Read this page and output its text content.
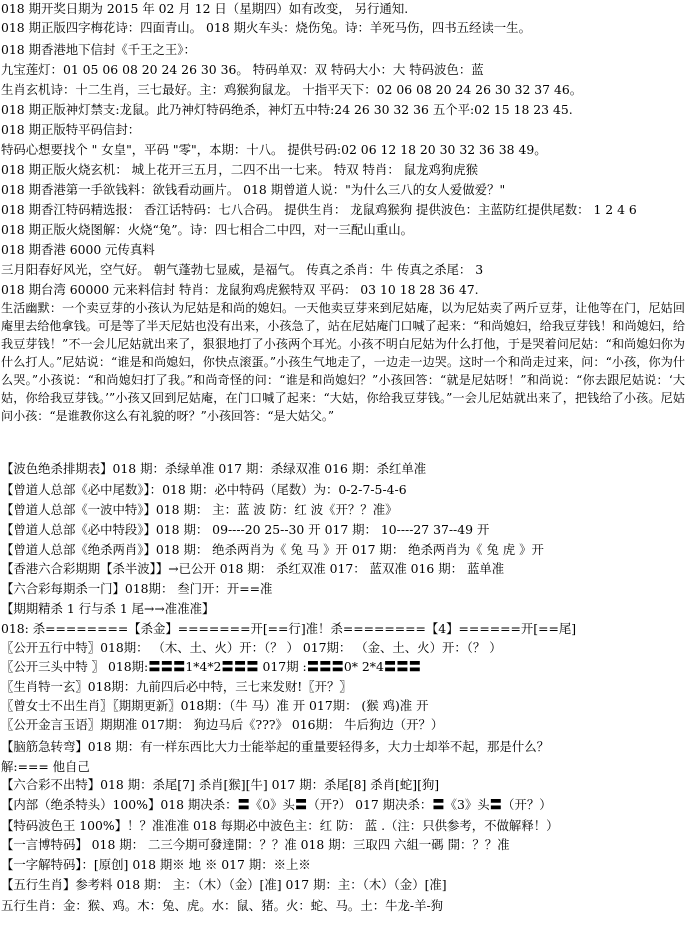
018 期开奖日期为 2015 年 02 月 12 日（星期四）如有改变， 另行通知.
018 期正版四字梅花诗：四面青山。 018 期火车头：烧伤兔。诗：羊死马伤，四书五经读一生。
018 期香港地下信封《千王之王》：
九宝莲灯：01 05 06 08 20 24 26 30 36。 特码单双：双 特码大小：大 特码波色：蓝
生肖玄机诗：十二生肖，三七最好。主：鸡猴狗鼠龙。 十指平天下：02 06 08 20 24 26 30 32 37 46。
018 期正版神灯禁支:龙鼠。此乃神灯特码绝杀，神灯五中特:24 26 30 32 36 五个平:02 15 18 23 45.
018 期正版特平码信封：
特码心想要找个 " 女皇"，平码 "零"，本期：十八。 提供号码:02 06 12 18 20 30 32 36 38 49。
018 期正版火烧玄机： 城上花开三五月，二四不出一七来。 特双 特肖： 鼠龙鸡狗虎猴
018 期香港第一手欲钱料：欲钱看动画片。 018 期曾道人说："为什么三八的女人爱做爱？"
018 期香江特码精选报： 香江话特码：七八合码。 提供生肖： 龙鼠鸡猴狗 提供波色：主蓝防红提供尾数： 1 2 4 6
018 期正版火烧图解：火烧“兔”。诗：四七相合二中四，对一三配山重山。
018 期香港 6000 元传真料
三月阳春好风光，空气好。 朝气蓬勃七显威，是福气。 传真之杀肖：牛 传真之杀尾： 3
018 期台湾 60000 元来料信封 特肖：龙鼠狗鸡虎猴特双 平码： 03 10 18 28 36 47.
生活幽默：一个卖豆芽的小孩认为尼姑是和尚的媳妇。一天他卖豆芽来到尼姑庵，以为尼姑卖了两斤豆芽，让他等在门，尼姑回庵里去给他拿钱。可是等了半天尼姑也没有出来，小孩急了，站在尼姑庵门口喊了起来：“和尚媳妇，给我豆芽钱！和尚媳妇，给我豆芽钱！”不一会儿尼姑就出来了，狠狠地打了小孩两个耳光。小孩不明白尼姑为什么打他，于是哭着问尼姑：“和尚媳妇你为什么打人。”尼姑说：“谁是和尚媳妇，你快点滚蛋。”小孩生气地走了，一边走一边哭。这时一个和尚走过来，问：“小孩，你为什么哭。”小孩说：“和尚媳妇打了我。”和尚奇怪的问：“谁是和尚媳妇？”小孩回答：“就是尼姑呀！”和尚说：“你去跟尼姑说：‘大姑，你给我豆芽钱。’”小孩又回到尼姑庵，在门口喊了起来：“大姑，你给我豆芽钱。”一会儿尼姑就出来了，把钱给了小孩。尼姑问小孩：“是谁教你这么有礼貌的呀？”小孩回答：“是大姑父。”
【波色绝杀排期表】018 期：杀绿单准 017 期：杀绿双准 016 期：杀红单准
【曾道人总部《必中尾数》】：018 期：必中特码（尾数）为：0-2-7-5-4-6
【曾道人总部《一波中特》】018 期： 主：蓝 波 防：红 波《开？？准》
【曾道人总部《必中特段》】018 期： 09----20 25--30 开 017 期： 10----27 37--49 开
【曾道人总部《绝杀两肖》】018 期： 绝杀两肖为《 兔 马 》开 017 期： 绝杀两肖为《 兔 虎 》开
【香港六合彩期期【杀半波】】→已公开 018 期： 杀红双准 017： 蓝双准 016 期： 蓝单准
【六合彩每期杀一门】018期： 叁门开：开==准
【期期精杀 1 行与杀 1 尾→→准准准】
018: 杀========【杀金】=======开[==行]准！杀========【4】======开[==尾]
〖公开五行中特〗018期： （木、土、火）开：（？ ） 017期： （金、土、火）开：（？ ）
〖公开三头中特 〗 018期:〓〓〓1*4*2〓〓〓 017期 :〓〓〓0* 2*4〓〓〓
〖生肖特一玄〗018期：九前四后必中特，三七来发财!〖开？〗
〖曾女士不出生肖〗〖期期更新〗018期：（牛 马）准 开 017期： (猴 鸡)准 开
〖公开金言玉语〗期期准 017期： 狗边马后《???》 016期： 牛后狗边（开？）
【脑筋急转弯】018 期：有一样东西比大力士能举起的重量要轻得多，大力士却举不起，那是什么？
解:=== 他自己
【六合彩不出特】018 期：杀尾[7] 杀肖[猴][牛] 017 期：杀尾[8] 杀肖[蛇][狗]
【内部（绝杀特头）100%】018 期决杀：〓《0》头〓（开?） 017 期决杀：〓《3》头〓（开？）
【特码波色王 100%】！？准准准 018 每期必中波色主：红 防： 蓝 .（注：只供参考，不做解释！）
【一言博特码】 018 期： 二三今期可發達開：？？准 018 期：三取四 六組一碼 開：？？准
【一字解特码】：[原创] 018 期※ 地 ※ 017 期：※上※
【五行生肖】参考料 018 期： 主：（木）（金）[准] 017 期：主：（木）（金）[准]
五行生肖：金：猴、鸡。木：兔、虎。水：鼠、猪。火：蛇、马。土：牛龙-羊-狗
